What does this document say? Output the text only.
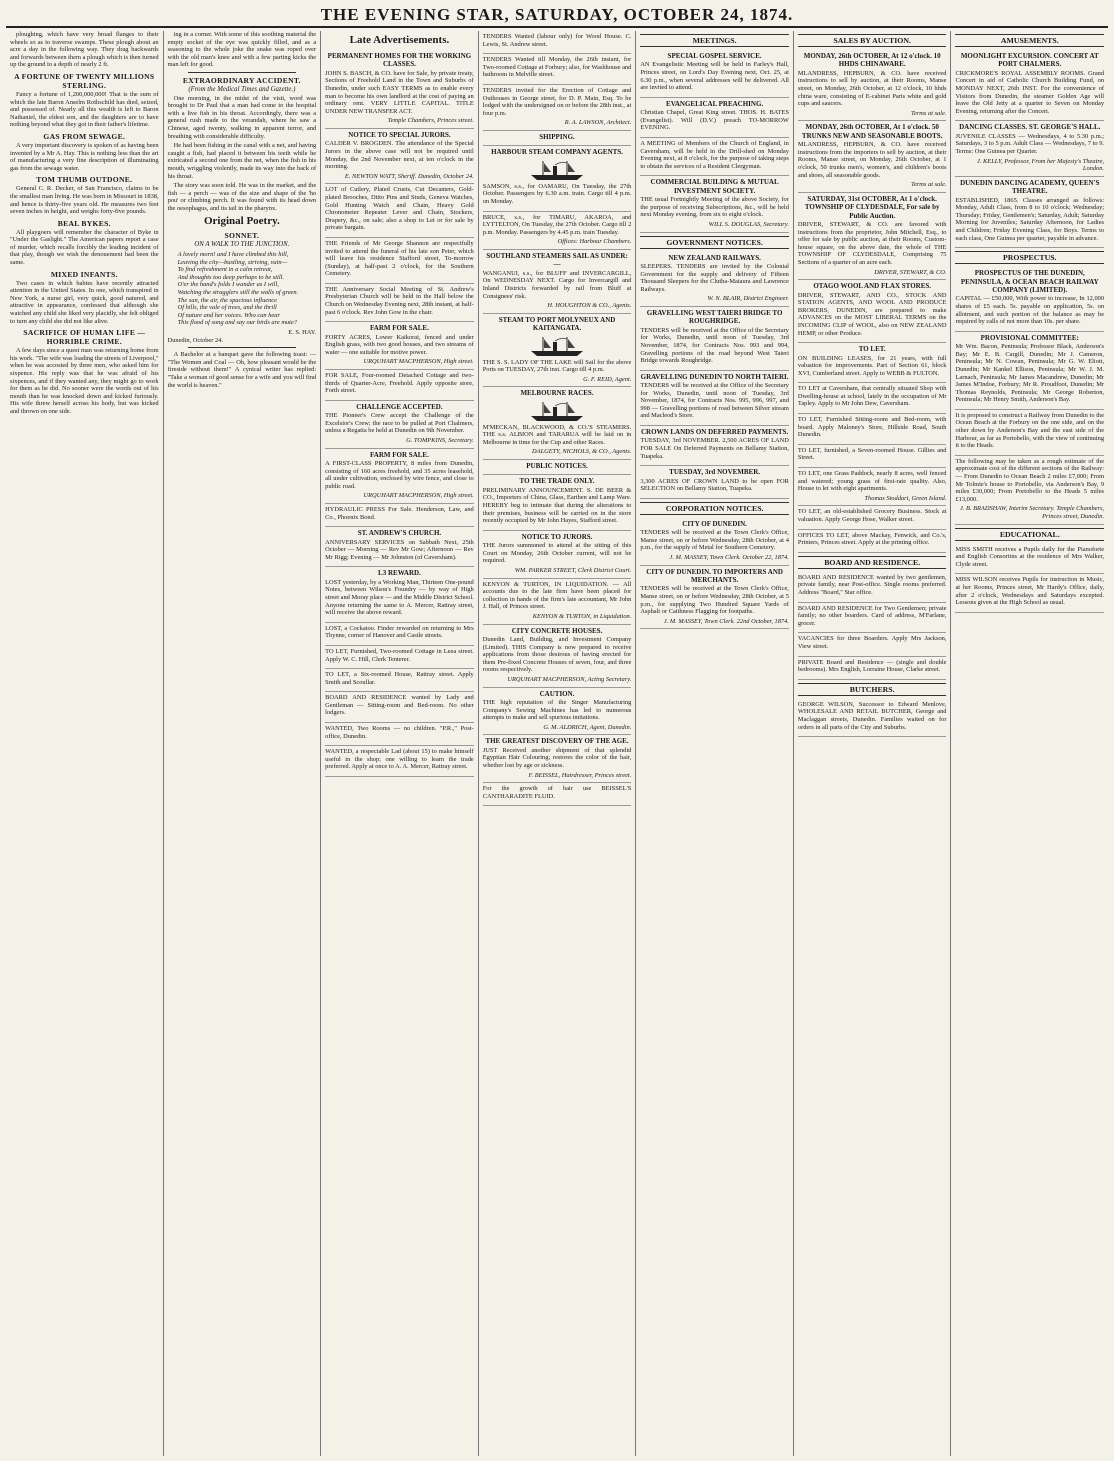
THE EVENING STAR, SATURDAY, OCTOBER 24, 1874.

ploughing, which have very broad flanges to their wheels so as to traverse swamps. These plough about an acre a day in the following way. They drag backwards and forwards between them a plough which is then turned up the ground to a depth of nearly 2 ft.

A FORTUNE OF TWENTY MILLIONS STERLING.

Fancy a fortune of 1,200,000,000! That is the sum of which the late Baron Anselm Rothschild has died, seized, and possessed of. Nearly all this wealth is left to Baron Nathaniel, the eldest son, and the daughters are to have nothing beyond what they got in their father's lifetime.

GAS FROM SEWAGE.

A very important discovery is spoken of as having been invented by a Mr A. Hay. This is nothing less than the art of manufacturing a very fine description of illuminating gas from the sewage water.

TOM THUMB OUTDONE.

General C. R. Decker, of San Francisco, claims to be the smallest man living. He was born in Missouri in 1838, and hence is thirty-five years old. He measures two feet seven inches in height, and weighs forty-five pounds.

BEAL BYKES.

All playgoers will remember the character of Byke in "Under the Gaslight." The American papers report a case of murder, which recalls forcibly the leading incident of that play, though we wish the denouement had been the same.

MIXED INFANTS.

Two cases in which babies have recently attracted attention in the United States. In one, which transpired in New York, a nurse girl, very quick, good natured, and attractive in appearance, confessed that although she watched any child she liked very placidly, she felt obliged to turn any child she did not like alive.

SACRIFICE OF HUMAN LIFE — HORRIBLE CRIME.

A few days since a quest man was returning home from his work. "The wife was loading the streets of Liverpool," when he was accosted by three men, who asked him for sixpence. His reply was that he was afraid of his sixpences, and if they wanted any, they might go to work for them as he did. No sooner were the words out of his mouth than he was knocked down and kicked furiously. His wife threw herself across his body, but was kicked and thrown on one side.

ing in a corner. With some of this soothing material the empty socket of the eye was quickly filled, and as a seasoning to the whole joke the snake was roped over with the old man's knee and with a few parting kicks the man left for good.

EXTRAORDINARY ACCIDENT.
(From the Medical Times and Gazette.)

One morning, in the midst of the visit, word was brought to Dr Paul that a man had come to the hospital with a live fish in his throat. Accordingly, there was a general rush made to the verandah, where he saw a Chinese, aged twenty, walking in apparent terror, and breathing with considerable difficulty.

He had been fishing in the canal with a net, and having caught a fish, had placed it between his teeth while he extricated a second one from the net, when the fish in his mouth, wriggling violently, made its way into the back of his throat.

The story was soon told. He was in the market, and the fish — a perch — was of the size and shape of the 'ho pou' or climbing perch. It was found with its head down the oesophagus, and its tail in the pharynx.

Original Poetry.
SONNET.
ON A WALK TO THE JUNCTION.
A lovely morn! and I have climbed this hill,
Leaving the city—bustling, striving, vain—
To find refreshment in a calm retreat,
And thoughts too deep perhaps to be still.
O'er the hand's folds I wander as I will,
Watching the stragglers still the walls of green.
The sun, the air, the spacious influence
Of hills, the vale of trees, and the thrill
Of nature and her voices. Who can hear
This flood of song and say our birds are mute?
E. S. HAY.
Dunedin, October 24.

A Bachelor at a banquet gave the following toast: — "The Women and Coal — Oh, how pleasant would be the fireside without them!" A cynical writer has replied: "Take a woman of good sense for a wife and you will find the world is heaven."

Late Advertisements.
PERMANENT HOMES FOR THE WORKING CLASSES.

JOHN S. BASCH, & CO. have for Sale, by private treaty, Sections of Freehold Land in the Town and Suburbs of Dunedin, under such EASY TERMS as to enable every man to become his own landlord at the cost of paying an ordinary rent. VERY LITTLE CAPITAL. TITLE UNDER NEW TRANSFER ACT.

Temple Chambers, Princes street.
NOTICE TO SPECIAL JURORS.

CALDER V. BROGDEN. The attendance of the Special Jurors in the above case will not be required until Monday, the 2nd November next, at ten o'clock in the morning.

E. NEWTON WATT, Sheriff. Dunedin, October 24.

LOT of Cutlery, Plated Cruets, Cut Decanters, Gold-plated Brooches, Ditto Pins and Studs, Geneva Watches, Gold Hunting Watch and Chain, Heavy Gold Chronometer Repeater Lever and Chain, Stockers, Drapery, &c., on sale; also a shop to Let or for sale by private bargain.

THE Friends of Mr George Shannon are respectfully invited to attend the funeral of his late son Peter, which will leave his residence Stafford street, To-morrow (Sunday), at half-past 2 o'clock, for the Southern Cemetery.

THE Anniversary Social Meeting of St. Andrew's Presbyterian Church will be held in the Hall below the Church on Wednesday Evening next, 28th instant, at half-past 6 o'clock. Rev John Gow in the chair.

FARM FOR SALE.

FORTY ACRES, Lower Kaikorai, fenced and under English grass, with two good houses, and two streams of water — one suitable for motive power.

URQUHART MACPHERSON, High street.

FOR SALE, Four-roomed Detached Cottage and two-thirds of Quarter-Acre, Freehold. Apply opposite store, Forth street.

CHALLENGE ACCEPTED.

THE Pioneer's Crew accept the Challenge of the Excelsior's Crew; the race to be pulled at Port Chalmers, unless a Regatta be held at Dunedin on 9th November.

G. TOMPKINS, Secretary.
FARM FOR SALE.

A FIRST-CLASS PROPERTY, 8 miles from Dunedin, consisting of 160 acres freehold, and 35 acres leasehold, all under cultivation, enclosed by wire fence, and close to public road.

URQUHART MACPHERSON, High street.

HYDRAULIC PRESS For Sale. Henderson, Law, and Co., Phoenix Bond.

ST. ANDREW'S CHURCH.

ANNIVERSARY SERVICES on Sabbath Next, 25th October — Morning — Rev Mr Gow; Afternoon — Rev Mr Rigg; Evening — Mr Johnston (of Caversham).

L3 REWARD.

LOST yesterday, by a Working Man, Thirteen One-pound Notes, between Wilson's Foundry — by way of High street and Moray place — and the Middle District School. Anyone returning the same to A. Mercer, Rattray street, will receive the above reward.

LOST, a Cockatoo. Finder rewarded on returning to Mrs Thynne, corner of Hanover and Castle streets.

TO LET, Furnished, Two-roomed Cottage in Leea street. Apply W. C. Hill, Clerk Tenterer.

TO LET, a Six-roomed House, Rattray street. Apply Smith and Scoullar.

BOARD AND RESIDENCE wanted by Lady and Gentleman — Sitting-room and Bed-room. No other lodgers.

WANTED, Two Rooms — no children. "P.R.," Post-office, Dunedin.

WANTED, a respectable Lad (about 15) to make himself useful in the shop; one willing to learn the trade preferred. Apply at once to A. A. Mercer, Rattray street.

TENDERS Wanted (labour only) for Wood House. C. Lewis, St. Andrew street.

TENDERS Wanted till Monday, the 26th instant, for Two-roomed Cottage at Forbury; also, for Washhouse and bathroom in Melville street.

TENDERS invited for the Erection of Cottage and Outhouses in George street, for D. P. Main, Esq. To be lodged with the undersigned on or before the 28th inst., at four p.m.

R. A. LAWSON, Architect.
SHIPPING.
HARBOUR STEAM COMPANY AGENTS.

SAMSON, s.s., for OAMARU, On Tuesday, the 27th October. Passengers by 6.30 a.m. train. Cargo till 4 p.m. on Monday.

BRUCE, s.s., for TIMARU, AKAROA, and LYTTELTON, On Tuesday, the 27th October. Cargo till 2 p.m. Monday. Passengers by 4.45 p.m. train Tuesday.

Offices: Harbour Chambers.
SOUTHLAND STEAMERS SAIL AS UNDER: —

WANGANUI, s.s., for BLUFF and INVERCARGILL, On WEDNESDAY NEXT. Cargo for Invercargill and Inland Districts forwarded by rail from Bluff at Consignees' risk.

H. HOUGHTON & CO., Agents.
STEAM TO PORT MOLYNEUX AND KAITANGATA.

THE S. S. LADY OF THE LAKE will Sail for the above Ports on TUESDAY, 27th inst. Cargo till 4 p.m.

G. F. REID, Agent.
MELBOURNE RACES.

M'MECKAN, BLACKWOOD, & CO.'S STEAMERS. THE s.s. ALBION and TARARUA will be laid on in Melbourne in time for the Cup and other Races.

DALGETY, NICHOLS, & CO., Agents.
PUBLIC NOTICES.
TO THE TRADE ONLY.

PRELIMINARY ANNOUNCEMENT. S. DE BEER & CO., Importers of China, Glass, Earthen and Lamp Ware. HEREBY beg to intimate that during the alterations to their premises, business will be carried on in the store recently occupied by Mr John Hayes, Stafford street.

NOTICE TO JURORS.

THE Jurors summoned to attend at the sitting of this Court on Monday, 26th October current, will not be required.

WM. PARKER STREET, Clerk District Court.

KENYON & TURTON, IN LIQUIDATION. — All accounts due to the late firm have been placed for collection in hands of the firm's late accountant, Mr John J. Hall, of Princes street.

KENYON & TURTON, in Liquidation.
CITY CONCRETE HOUSES.

Dunedin Land, Building, and Investment Company (Limited). THIS Company is now prepared to receive applications from those desirous of having erected for them Pre-fixed Concrete Houses of seven, four, and three rooms respectively.

URQUHART MACPHERSON, Acting Secretary.
CAUTION.

THE high reputation of the Singer Manufacturing Company's Sewing Machines has led to numerous attempts to make and sell spurious imitations.

G. M. ALDRICH, Agent, Dunedin.
THE GREATEST DISCOVERY OF THE AGE.

JUST Received another shipment of that splendid Egyptian Hair Colouring; restores the color of the hair, whether lost by age or sickness.

F. BEISSEL, Hairdresser, Princes street.

For the growth of hair use BEISSEL'S CANTHARADITE FLUID.

MEETINGS.
SPECIAL GOSPEL SERVICE.

AN Evangelistic Meeting will be held in Farley's Hall, Princes street, on Lord's Day Evening next, Oct. 25, at 6.30 p.m., when several addresses will be delivered. All are invited to attend.

EVANGELICAL PREACHING.

Christian Chapel, Great King street. THOS. H. BATES (Evangelist). Will (D.V.) preach TO-MORROW EVENING.

A MEETING of Members of the Church of England, in Caversham, will be held in the Drill-shed on Monday Evening next, at 8 o'clock, for the purpose of taking steps to obtain the services of a Resident Clergyman.

COMMERCIAL BUILDING & MUTUAL INVESTMENT SOCIETY.

THE usual Fortnightly Meeting of the above Society, for the purpose of receiving Subscriptions, &c., will be held next Monday evening, from six to eight o'clock.

WILL S. DOUGLAS, Secretary.
GOVERNMENT NOTICES.
NEW ZEALAND RAILWAYS.

SLEEPERS. TENDERS are invited by the Colonial Government for the supply and delivery of Fifteen Thousand Sleepers for the Clutha-Mataura and Lawrence Railways.

W. N. BLAIR, District Engineer.
GRAVELLING WEST TAIERI BRIDGE TO ROUGHRIDGE.

TENDERS will be received at the Office of the Secretary for Works, Dunedin, until noon of Tuesday, 3rd November, 1874, for Contracts Nos. 993 and 994, Gravelling portions of the road beyond West Taieri Bridge towards Roughridge.

GRAVELLING DUNEDIN TO NORTH TAIERI.

TENDERS will be received at the Office of the Secretary for Works, Dunedin, until noon of Tuesday, 3rd November, 1874, for Contracts Nos. 995, 996, 997, and 998 — Gravelling portions of road between Silver stream and Macleod's Store.

CROWN LANDS ON DEFERRED PAYMENTS.

TUESDAY, 3rd NOVEMBER. 2,500 ACRES OF LAND FOR SALE On Deferred Payments on Bellamy Station, Tuapeka.

TUESDAY, 3rd NOVEMBER.

3,300 ACRES OF CROWN LAND to be open FOR SELECTION on Bellamy Station, Tuapeka.

CORPORATION NOTICES.
CITY OF DUNEDIN.

TENDERS will be received at the Town Clerk's Office, Manse street, on or before Wednesday, 28th October, at 4 p.m., for the supply of Metal for Southern Cemetery.

J. M. MASSEY, Town Clerk. October 22, 1874.
CITY OF DUNEDIN. TO IMPORTERS AND MERCHANTS.

TENDERS will be received at the Town Clerk's Office, Manse street, on or before Wednesday, 28th October, at 5 p.m., for supplying Two Hundred Square Yards of Asphalt or Caithness Flagging for footpaths.

J. M. MASSEY, Town Clerk. 22nd October, 1874.
SALES BY AUCTION.
MONDAY, 26th OCTOBER, At 12 o'clock. 10 HHDS CHINAWARE.

MLANDRESS, HEPBURN, & CO. have received instructions to sell by auction, at their Rooms, Manse street, on Monday, 26th October, at 12 o'clock, 10 hhds china ware, consisting of E-cabinet Paris white and gold cups and saucers.

Terms at sale.
MONDAY, 26th OCTOBER, At 1 o'clock. 50 TRUNKS NEW AND SEASONABLE BOOTS.

MLANDRESS, HEPBURN, & CO. have received instructions from the importers to sell by auction, at their Rooms, Manse street, on Monday, 26th October, at 1 o'clock, 50 trunks men's, women's, and children's boots and shoes, all seasonable goods.

Terms at sale.
SATURDAY, 31st OCTOBER, At 1 o'clock. TOWNSHIP OF CLYDESDALE, For sale by Public Auction.

DRIVER, STEWART, & CO. are favored with instructions from the proprietor, John Mitchell, Esq., to offer for sale by public auction, at their Rooms, Custom-house square, on the above date, the whole of THE TOWNSHIP OF CLYDESDALE, Comprising 75 Sections of a quarter of an acre each.

DRIVER, STEWART, & CO.
OTAGO WOOL AND FLAX STORES.

DRIVER, STEWART, AND CO., STOCK AND STATION AGENTS, AND WOOL AND PRODUCE BROKERS, DUNEDIN, are prepared to make ADVANCES on the MOST LIBERAL TERMS on the INCOMING CLIP of WOOL, also on NEW ZEALAND HEMP, or other Produce.

TO LET.

ON BUILDING LEASES, for 21 years, with full valuation for improvements. Part of Section 61, block XVI, Cumberland street. Apply to WEBB & FULTON.

TO LET at Caversham, that centrally situated Shop with Dwelling-house at school, lately in the occupation of Mr Tapley. Apply to Mr John Dew, Caversham.

TO LET, Furnished Sitting-room and Bed-room, with board. Apply Maloney's Store, Hillside Road, South Dunedin.

TO LET, furnished, a Seven-roomed House. Gillies and Street.

TO LET, one Grass Paddock, nearly 8 acres, well fenced and watered; young grass of first-rate quality. Also, House to let with eight apartments.

Thomas Stoddart, Green Island.

TO LET, an old-established Grocery Business. Stock at valuation. Apply George Hose, Walker street.

OFFICES TO LET, above Mackay, Fenwick, and Co.'s, Printers, Princes street. Apply at the printing office.

BOARD AND RESIDENCE.

BOARD AND RESIDENCE wanted by two gentlemen, private family, near Post-office. Single rooms preferred. Address "Board," Star office.

BOARD AND RESIDENCE for Two Gentlemen; private family; no other boarders. Card of address, M'Farlane, grocer.

VACANCIES for three Boarders. Apply Mrs Jackson, View street.

PRIVATE Board and Residence — (single and double bedrooms). Mrs English, Lorraine House, Clarke street.

BUTCHERS.

GEORGE WILSON, Successor to Edward Menlove, WHOLESALE AND RETAIL BUTCHER, George and Maclaggan streets, Dunedin. Families waited on for orders in all parts of the City and Suburbs.

AMUSEMENTS.
MOONLIGHT EXCURSION. CONCERT AT PORT CHALMERS.

CRICKMORE'S ROYAL ASSEMBLY ROOMS. Grand Concert in aid of Catholic Church Building Fund, on MONDAY NEXT, 26th INST. For the convenience of Visitors from Dunedin, the steamer Golden Age will leave the Old Jetty at a quarter to Seven on Monday Evening, returning after the Concert.

DANCING CLASSES. ST. GEORGE'S HALL.

JUVENILE CLASSES — Wednesdays, 4 to 5.30 p.m.; Saturdays, 3 to 5 p.m. Adult Class — Wednesdays, 7 to 9. Terms: One Guinea per Quarter.

J. KELLY, Professor, From her Majesty's Theatre, London.
DUNEDIN DANCING ACADEMY, QUEEN'S THEATRE.

ESTABLISHED, 1865. Classes arranged as follows: Monday, Adult Class, from 8 to 10 o'clock; Wednesday; Thursday; Friday, Gentlemen's; Saturday, Adult; Saturday Morning for Juveniles; Saturday Afternoon, for Ladies and Children; Friday Evening Class, for Boys. Terms to each class, One Guinea per quarter, payable in advance.

PROSPECTUS.
PROSPECTUS OF THE DUNEDIN, PENINSULA, & OCEAN BEACH RAILWAY COMPANY (LIMITED).

CAPITAL — £50,000, With power to increase, In 12,000 shares of £5 each. 5s. payable on application, 5s. on allotment, and such portion of the balance as may be required by calls of not more than 10s. per share.

PROVISIONAL COMMITTEE:

Mr Wm. Bacon, Peninsula; Professor Black, Anderson's Bay; Mr E. B. Cargill, Dunedin; Mr J. Cameron, Peninsula; Mr N. Cowan, Peninsula; Mr G. W. Eliott, Dunedin; Mr Kankel Ellison, Peninsula; Mr W. J. M. Larnach, Peninsula; Mr James Macandrew, Dunedin; Mr James M'Indoe, Forbury; Mr R. Proudfoot, Dunedin; Mr Thomas Reynolds, Peninsula; Mr George Roberton, Peninsula; Mr Henry Smith, Anderson's Bay.

It is proposed to construct a Railway from Dunedin to the Ocean Beach at the Forbury on the one side, and on the other down by Anderson's Bay and the east side of the Harbour, as far as Portobello, with the view of continuing it to the Heads.

The following may be taken as a rough estimate of the approximate cost of the different sections of the Railway: — From Dunedin to Ocean Beach 2 miles £7,000; From Mr Tolmie's house to Portobello, via Anderson's Bay, 9 miles £30,000; From Portobello to the Heads 5 miles £13,000.

J. B. BRADSHAW, Interim Secretary. Temple Chambers, Princes street, Dunedin.
EDUCATIONAL.

MISS SMITH receives a Pupils daily for the Pianoforte and English Consortins at the residence of Mrs Walker, Clyde street.

MISS WILSON receives Pupils for instruction in Music, at her Rooms, Princes street, Mr Hardy's Office, daily, after 2 o'clock, Wednesdays and Saturdays excepted. Lessons given at the High School as usual.
